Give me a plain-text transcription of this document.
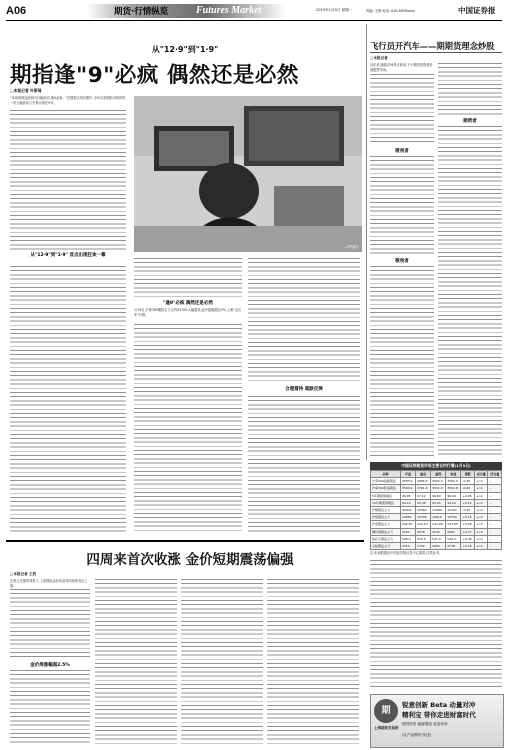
A06	期货·行情纵览	Futures Market	2015年1月5日 星期一	责编: 王维 电话: 010-5839xxxx	中国证券报
从"12·9"到"1·9"
期指逢"9"必疯 偶然还是必然
□本报记者 叶斯琦
"本周惊现连续两天巨幅波动,逢9必疯。"在期指交易员眼中,今年以来期指市场的每一次大幅波动几乎都出现在9号。
从"12·9"到"1·9" 首点出现狂欢一幕
CFP图片
"逢9"必疯 偶然还是必然
1月9日,沪深300期指主力合约IF1501大幅震荡,盘中振幅超过5%,上演"过山车"行情。
合理看待 超跌反弹
飞行员开汽车——期期货理念炒股
□本报记者
近年来,随着市场热点轮动,不少期货投资者转战股票市场。
敬畏者
敬畏者
顺势者
中国证券期货市场主要合约行情(1月9日)
品种	开盘	最高	最低	收盘	涨跌	成交量	持仓量
沪深300指数期货	3583.0	3686.0	3502.0	3560.0	-0.45	+/-0	--
沪深300股指期货	3590.2	3701.6	3511.0	3552.8	-0.62	+/-0	--
5年期国债期货	96.95	97.12	96.80	96.99	+0.06	+/-0	--
10年期国债期货	94.10	94.38	93.95	94.20	+0.12	+/-0	--
沪铜期货主力	42300	42560	41980	42150	-0.35	+/-0	--
沪铝期货主力	12680	12745	12610	12700	+0.15	+/-0	--
沪金期货主力	242.50	244.10	241.80	243.65	+0.56	+/-0	--
螺纹钢期货主力	2550	2578	2532	2561	+0.27	+/-0	--
铁矿石期货主力	528.0	535.5	521.0	530.5	+0.38	+/-0	--
豆粕期货主力	2710	2732	2695	2718	+0.18	+/-0	--
注:本表数据由中国证券报信息中心提供,仅供参考。
四周来首次收涨 金价短期震荡偏强
□本报记者 王姣
在美元走强的背景下,上周国际金价仍录得四周来首次上涨。
金价周涨幅超2.5%
期
上海期货交易所
锐意创新 Beta 动量对冲
精利宝 带你走进财富时代
期货投资 稳健增值 欢迎垂询
(农产品期货 综述)
